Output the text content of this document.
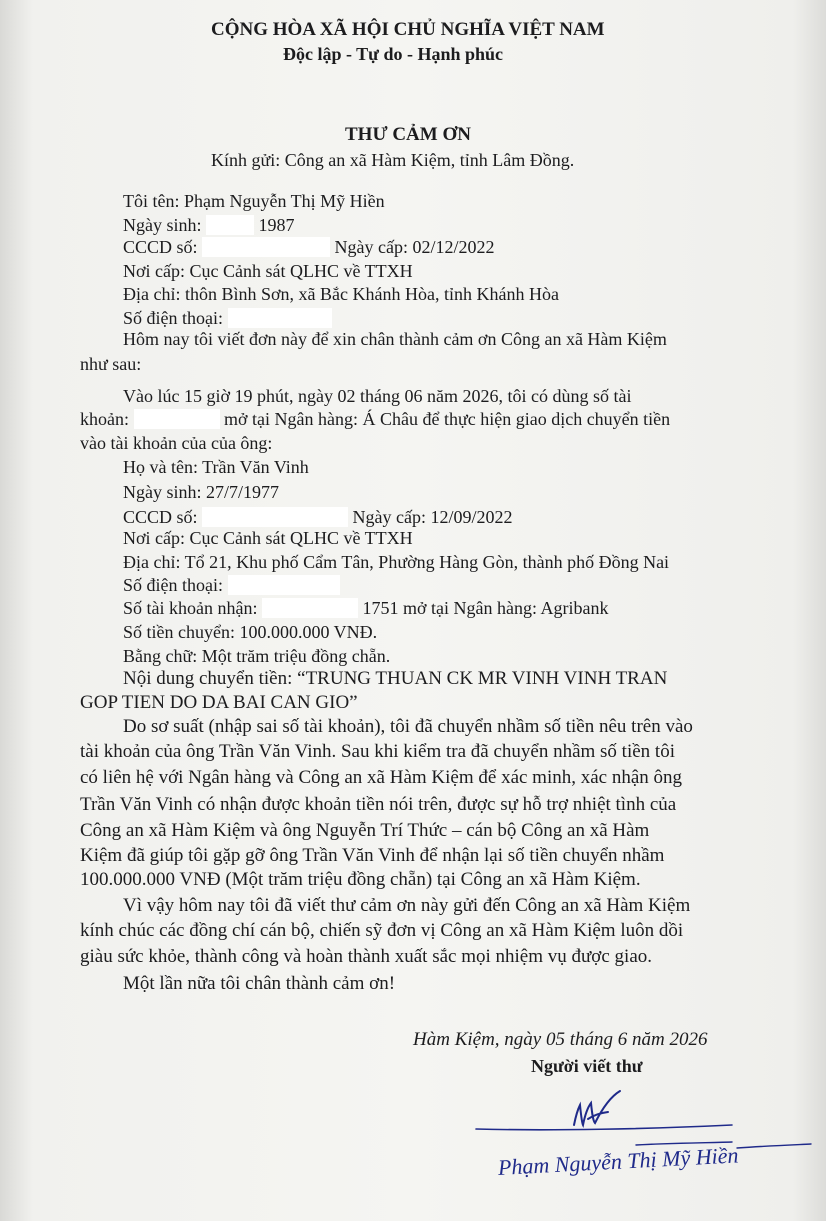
CỘNG HÒA XÃ HỘI CHỦ NGHĨA VIỆT NAM
Độc lập - Tự do - Hạnh phúc
THƯ CẢM ƠN
Kính gửi: Công an xã Hàm Kiệm, tỉnh Lâm Đồng.
Tôi tên: Phạm Nguyễn Thị Mỹ Hiền
Ngày sinh:	1987
CCCD số:	Ngày cấp: 02/12/2022
Nơi cấp: Cục Cảnh sát QLHC về TTXH
Địa chỉ: thôn Bình Sơn, xã Bắc Khánh Hòa, tỉnh Khánh Hòa
Số điện thoại:
Hôm nay tôi viết đơn này để xin chân thành cảm ơn Công an xã Hàm Kiệm
như sau:
Vào lúc 15 giờ 19 phút, ngày 02 tháng 06 năm 2026, tôi có dùng số tài
khoản:	mở tại Ngân hàng: Á Châu để thực hiện giao dịch chuyển tiền
vào tài khoản của của ông:
Họ và tên: Trần Văn Vinh
Ngày sinh: 27/7/1977
CCCD số:	Ngày cấp: 12/09/2022
Nơi cấp: Cục Cảnh sát QLHC về TTXH
Địa chỉ: Tổ 21, Khu phố Cẩm Tân, Phường Hàng Gòn, thành phố Đồng Nai
Số điện thoại:
Số tài khoản nhận:	1751 mở tại Ngân hàng: Agribank
Số tiền chuyển: 100.000.000 VNĐ.
Bằng chữ: Một trăm triệu đồng chẵn.
Nội dung chuyển tiền: “TRUNG THUAN CK MR VINH VINH TRAN
GOP TIEN DO DA BAI CAN GIO”
Do sơ suất (nhập sai số tài khoản), tôi đã chuyển nhầm số tiền nêu trên vào
tài khoản của ông Trần Văn Vinh. Sau khi kiểm tra đã chuyển nhầm số tiền tôi
có liên hệ với Ngân hàng và Công an xã Hàm Kiệm để xác minh, xác nhận ông
Trần Văn Vinh có nhận được khoản tiền nói trên, được sự hỗ trợ nhiệt tình của
Công an xã Hàm Kiệm và ông Nguyễn Trí Thức – cán bộ Công an xã Hàm
Kiệm đã giúp tôi gặp gỡ ông Trần Văn Vinh để nhận lại số tiền chuyển nhầm
100.000.000 VNĐ (Một trăm triệu đồng chẵn) tại Công an xã Hàm Kiệm.
Vì vậy hôm nay tôi đã viết thư cảm ơn này gửi đến Công an xã Hàm Kiệm
kính chúc các đồng chí cán bộ, chiến sỹ đơn vị Công an xã Hàm Kiệm luôn dồi
giàu sức khỏe, thành công và hoàn thành xuất sắc mọi nhiệm vụ được giao.
Một lần nữa tôi chân thành cảm ơn!
Hàm Kiệm, ngày 05 tháng 6 năm 2026
Người viết thư
Phạm Nguyễn Thị Mỹ Hiền
